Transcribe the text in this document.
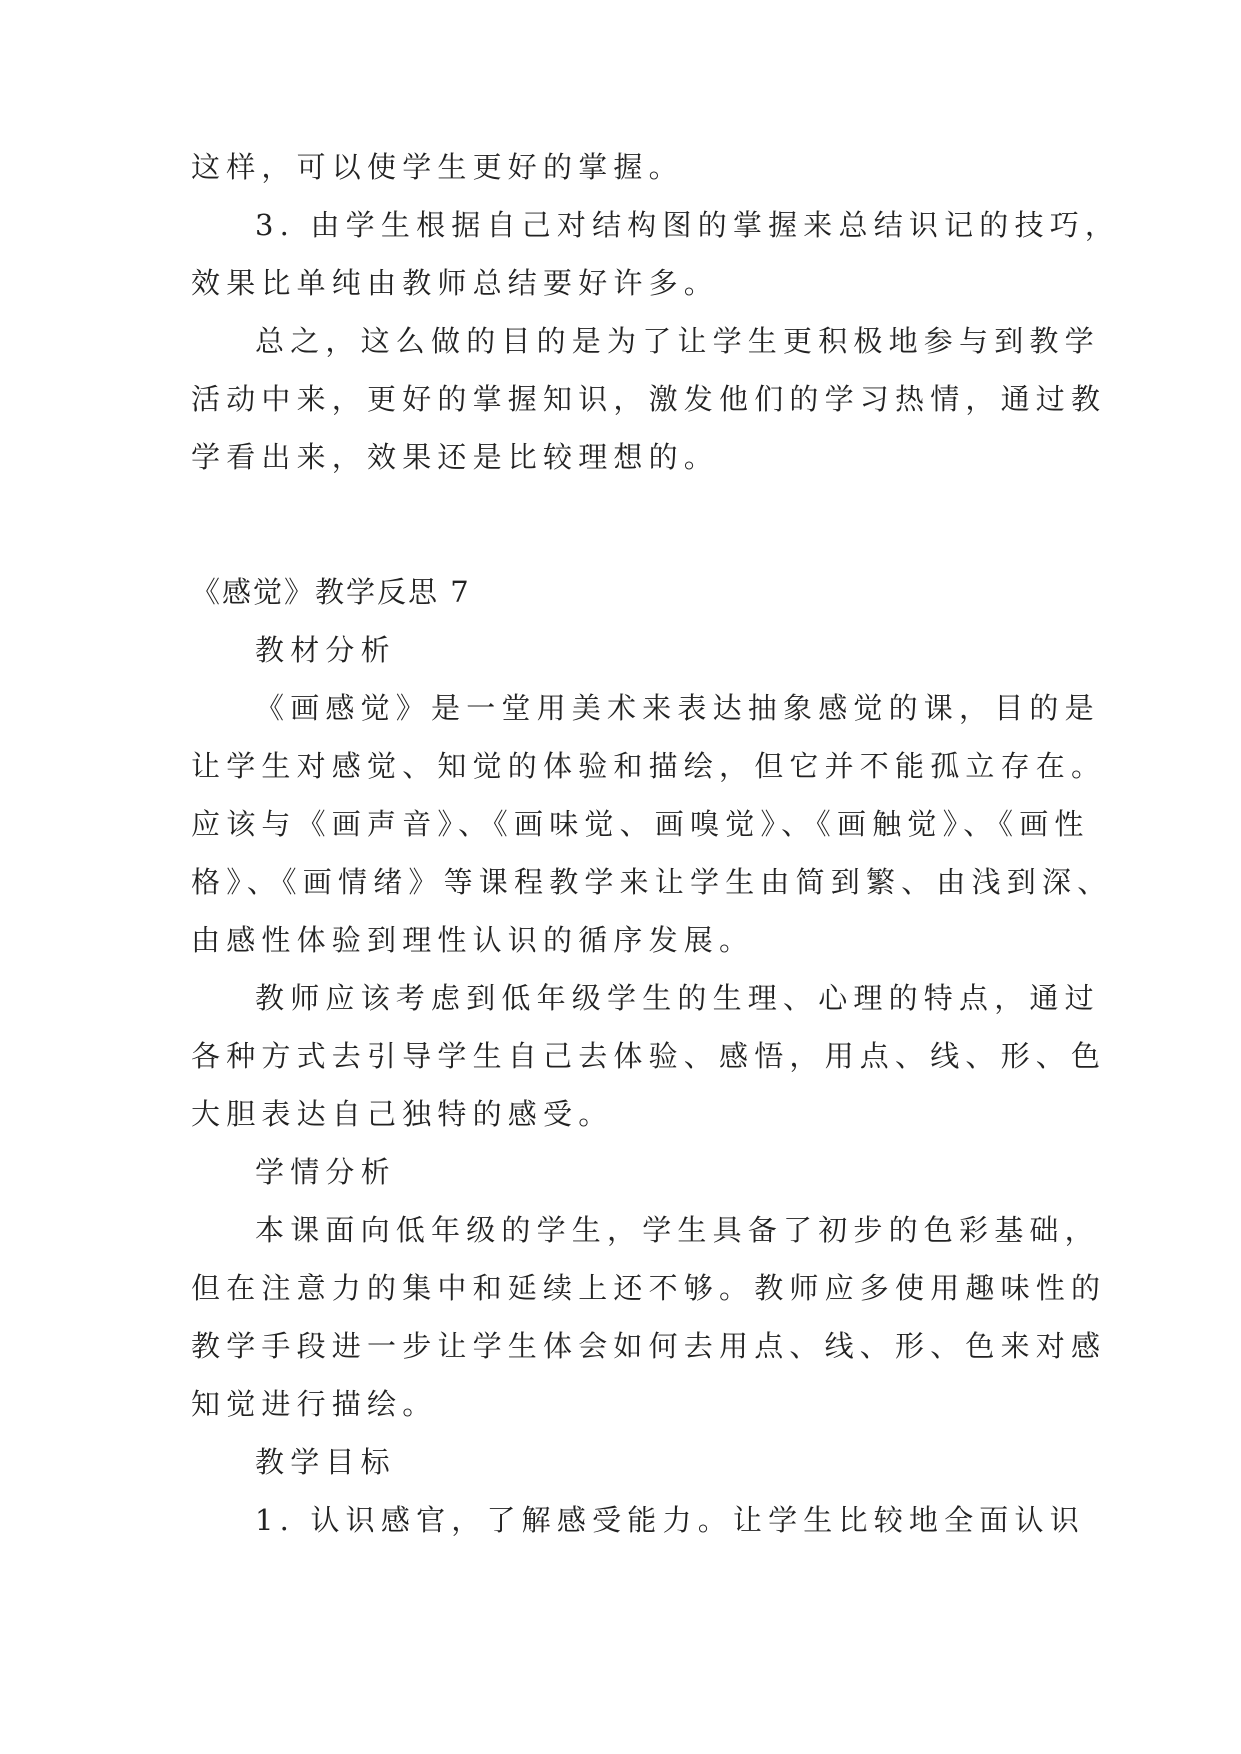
这样，可以使学生更好的掌握。
3. 由学生根据自己对结构图的掌握来总结识记的技巧，
效果比单纯由教师总结要好许多。
总之，这么做的目的是为了让学生更积极地参与到教学
活动中来，更好的掌握知识，激发他们的学习热情，通过教
学看出来，效果还是比较理想的。
《感觉》教学反思 7
教材分析
《画感觉》是一堂用美术来表达抽象感觉的课，目的是
让学生对感觉、知觉的体验和描绘，但它并不能孤立存在。
应该与《画声音》、《画味觉、画嗅觉》、《画触觉》、《画性
格》、《画情绪》等课程教学来让学生由简到繁、由浅到深、
由感性体验到理性认识的循序发展。
教师应该考虑到低年级学生的生理、心理的特点，通过
各种方式去引导学生自己去体验、感悟，用点、线、形、色
大胆表达自己独特的感受。
学情分析
本课面向低年级的学生，学生具备了初步的色彩基础，
但在注意力的集中和延续上还不够。教师应多使用趣味性的
教学手段进一步让学生体会如何去用点、线、形、色来对感
知觉进行描绘。
教学目标
1. 认识感官，了解感受能力。让学生比较地全面认识
